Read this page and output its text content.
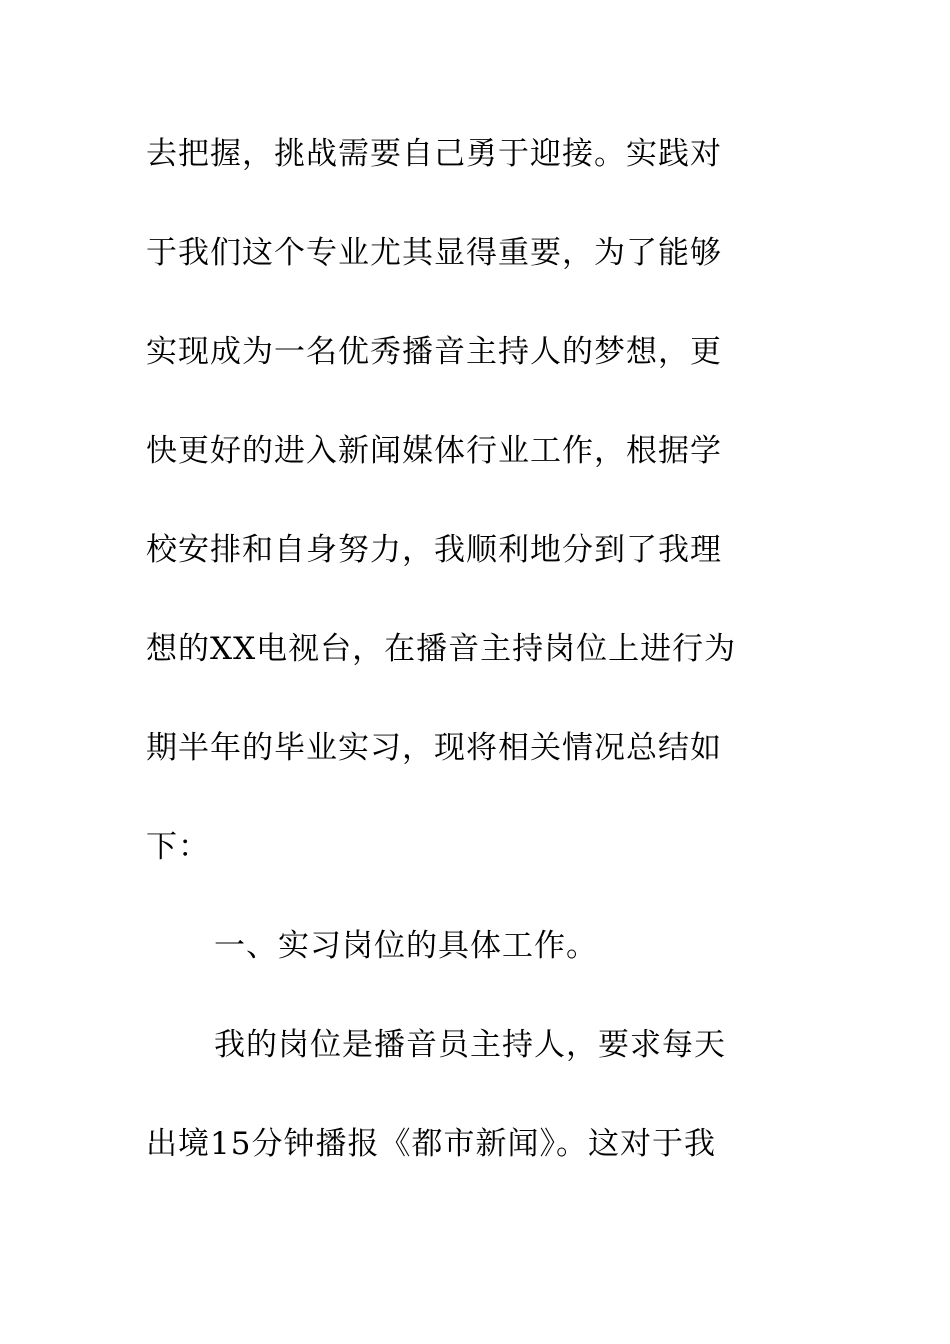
去把握，挑战需要自己勇于迎接。实践对

于我们这个专业尤其显得重要，为了能够

实现成为一名优秀播音主持人的梦想，更

快更好的进入新闻媒体行业工作，根据学

校安排和自身努力，我顺利地分到了我理

想的XX电视台，在播音主持岗位上进行为

期半年的毕业实习，现将相关情况总结如

下：

一、实习岗位的具体工作。

我的岗位是播音员主持人，要求每天

出境15分钟播报《都市新闻》。这对于我
